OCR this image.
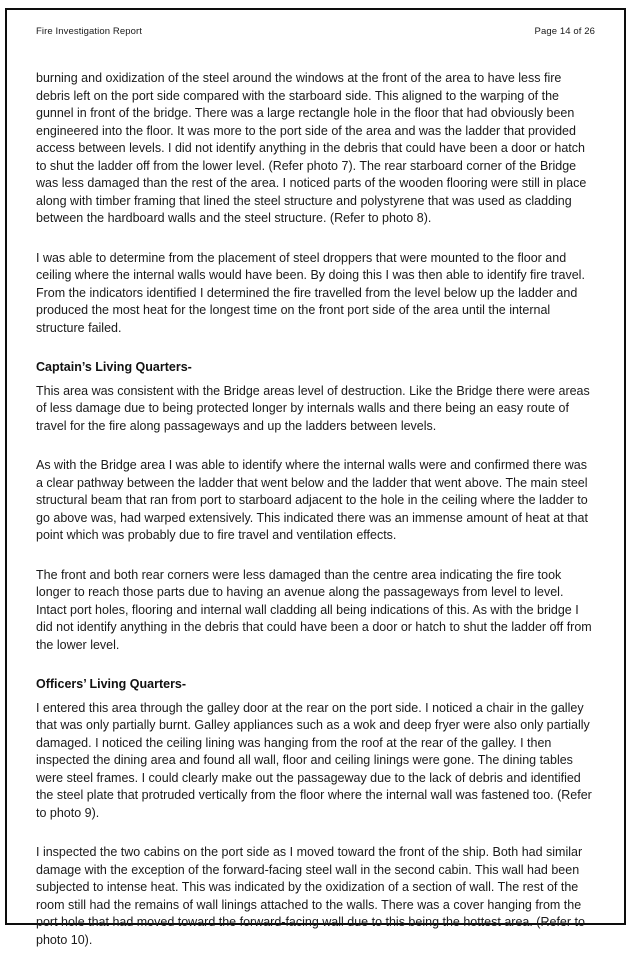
Fire Investigation Report	Page 14 of 26

burning and oxidization of the steel around the windows at the front of the area to have less fire debris left on the port side compared with the starboard side. This aligned to the warping of the gunnel in front of the bridge. There was a large rectangle hole in the floor that had obviously been engineered into the floor. It was more to the port side of the area and was the ladder that provided access between levels. I did not identify anything in the debris that could have been a door or hatch to shut the ladder off from the lower level. (Refer photo 7). The rear starboard corner of the Bridge was less damaged than the rest of the area. I noticed parts of the wooden flooring were still in place along with timber framing that lined the steel structure and polystyrene that was used as cladding between the hardboard walls and the steel structure. (Refer to photo 8).

I was able to determine from the placement of steel droppers that were mounted to the floor and ceiling where the internal walls would have been. By doing this I was then able to identify fire travel. From the indicators identified I determined the fire travelled from the level below up the ladder and produced the most heat for the longest time on the front port side of the area until the internal structure failed.

Captain’s Living Quarters-

This area was consistent with the Bridge areas level of destruction. Like the Bridge there were areas of less damage due to being protected longer by internals walls and there being an easy route of travel for the fire along passageways and up the ladders between levels.

As with the Bridge area I was able to identify where the internal walls were and confirmed there was a clear pathway between the ladder that went below and the ladder that went above. The main steel structural beam that ran from port to starboard adjacent to the hole in the ceiling where the ladder to go above was, had warped extensively. This indicated there was an immense amount of heat at that point which was probably due to fire travel and ventilation effects.

The front and both rear corners were less damaged than the centre area indicating the fire took longer to reach those parts due to having an avenue along the passageways from level to level. Intact port holes, flooring and internal wall cladding all being indications of this. As with the bridge I did not identify anything in the debris that could have been a door or hatch to shut the ladder off from the lower level.

Officers’ Living Quarters-

I entered this area through the galley door at the rear on the port side. I noticed a chair in the galley that was only partially burnt. Galley appliances such as a wok and deep fryer were also only partially damaged. I noticed the ceiling lining was hanging from the roof at the rear of the galley. I then inspected the dining area and found all wall, floor and ceiling linings were gone. The dining tables were steel frames. I could clearly make out the passageway due to the lack of debris and identified the steel plate that protruded vertically from the floor where the internal wall was fastened too. (Refer to photo 9).

I inspected the two cabins on the port side as I moved toward the front of the ship. Both had similar damage with the exception of the forward-facing steel wall in the second cabin. This wall had been subjected to intense heat. This was indicated by the oxidization of a section of wall. The rest of the room still had the remains of wall linings attached to the walls. There was a cover hanging from the port hole that had moved toward the forward-facing wall due to this being the hottest area. (Refer to photo 10).
